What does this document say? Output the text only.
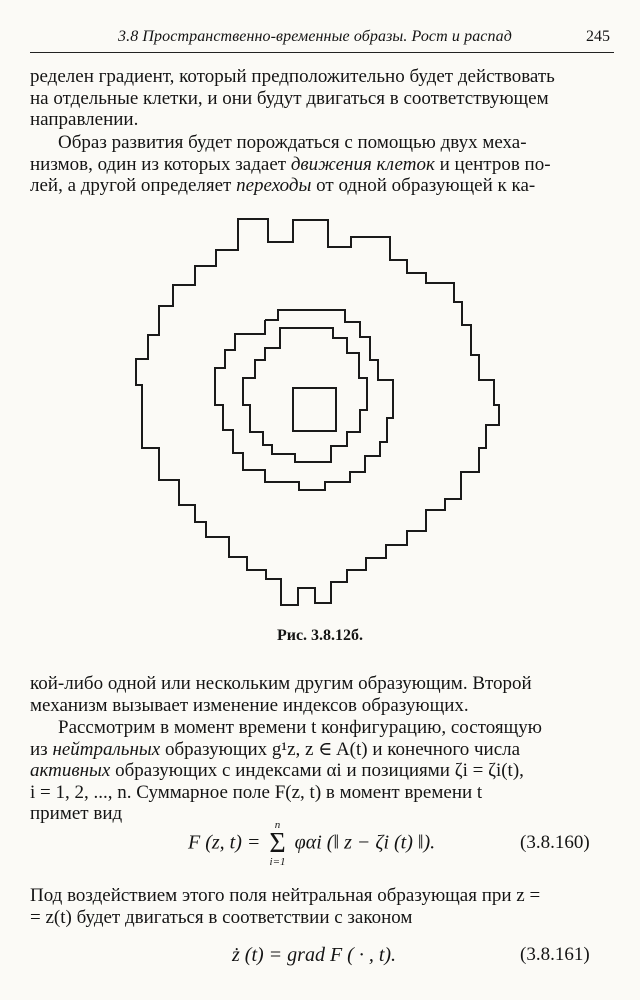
3.8 Пространственно-временные образы. Рост и распад	245
ределен градиент, который предположительно будет действовать
на отдельные клетки, и они будут двигаться в соответствующем
направлении.
Образ развития будет порождаться с помощью двух меха-
низмов, один из которых задает движения клеток и центров по-
лей, а другой определяет переходы от одной образующей к ка-
Рис. 3.8.12б.
кой-либо одной или нескольким другим образующим. Второй
механизм вызывает изменение индексов образующих.
Рассмотрим в момент времени t конфигурацию, состоящую
из нейтральных образующих g¹z, z ∈ A(t) и конечного числа
активных образующих с индексами αi и позициями ζi = ζi(t),
i = 1, 2, ..., n. Суммарное поле F(z, t) в момент времени t
примет вид
F (z, t) =
n
Σ
i=1
φαi (‖ z − ζi (t) ‖).	(3.8.160)
Под воздействием этого поля нейтральная образующая при z =
= z(t) будет двигаться в соответствии с законом
ż (t) = grad F ( · , t).	(3.8.161)
